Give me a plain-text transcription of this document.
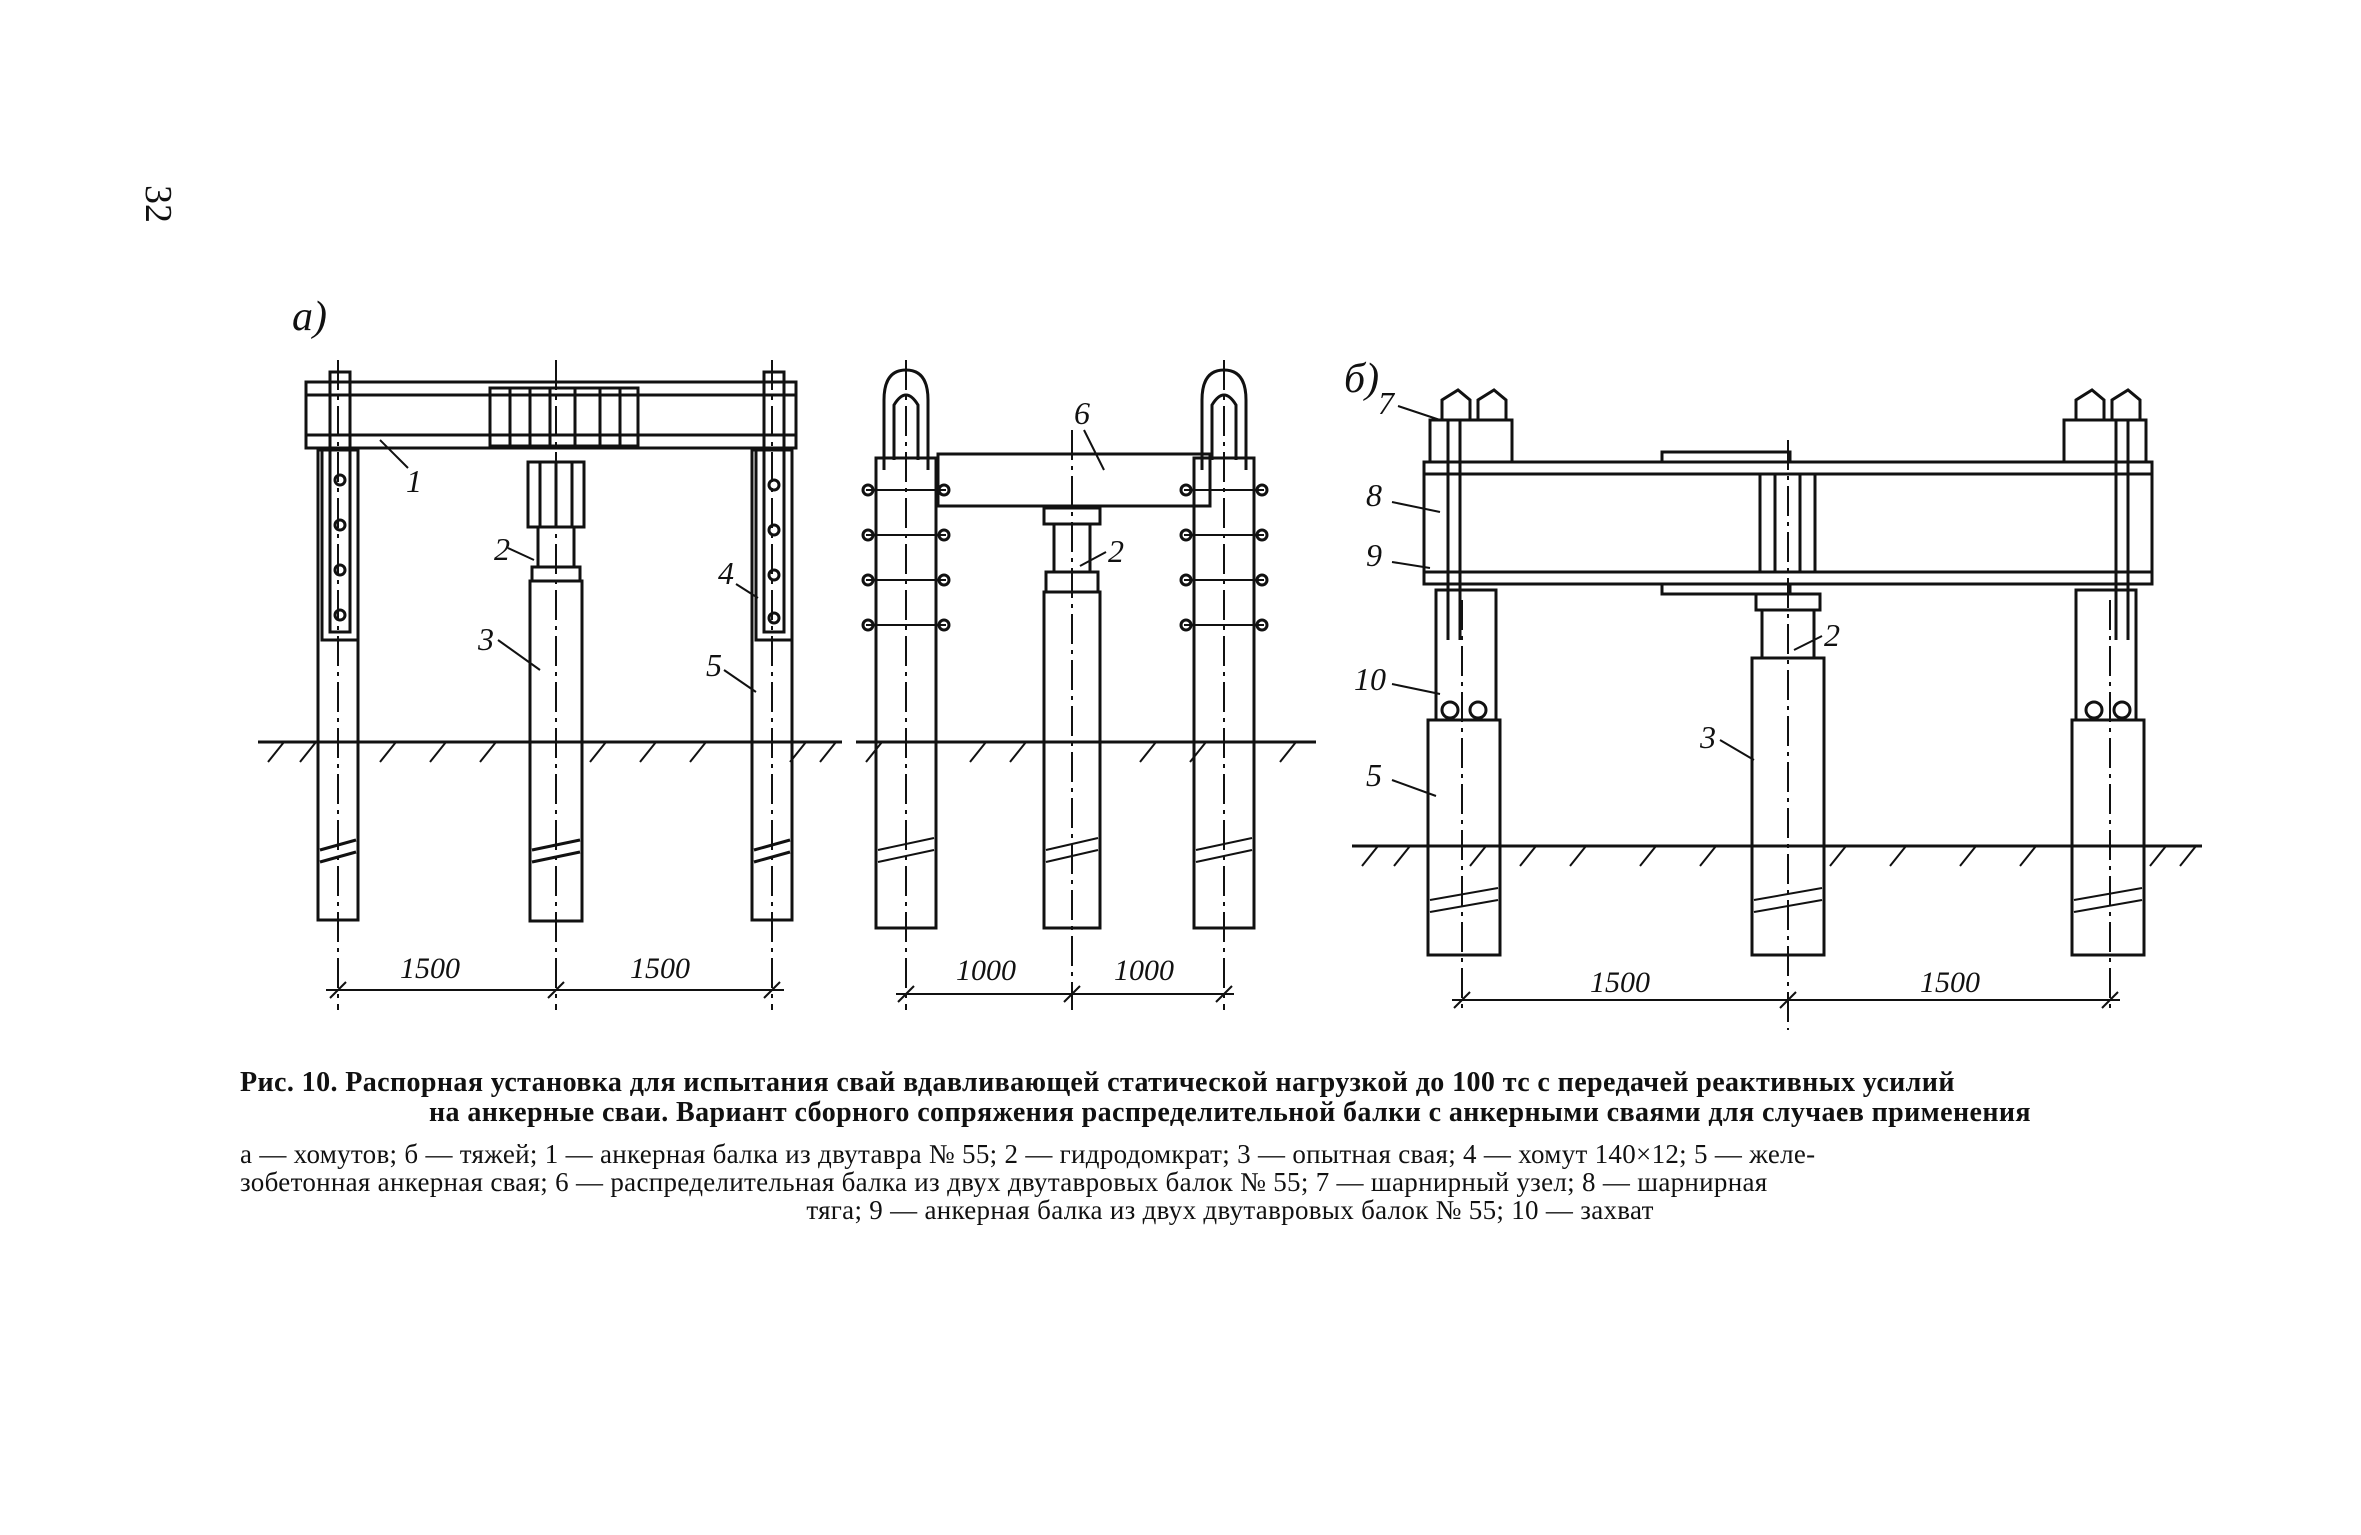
32
а)
1500	1500
1
2
3
4
5
1000	1000
6
2
б)
1500	1500
7
8
9
10
5
2
3
Рис. 10. Распорная установка для испытания свай вдавливающей статической нагрузкой до 100 тс с передачей реактивных усилий
на анкерные сваи. Вариант сборного сопряжения распределительной балки с анкерными сваями для случаев применения
а — хомутов; б — тяжей; 1 — анкерная балка из двутавра № 55; 2 — гидродомкрат; 3 — опытная свая; 4 — хомут 140×12; 5 — желе-
зобетонная анкерная свая; 6 — распределительная балка из двух двутавровых балок № 55; 7 — шарнирный узел; 8 — шарнирная
тяга; 9 — анкерная балка из двух двутавровых балок № 55; 10 — захват
